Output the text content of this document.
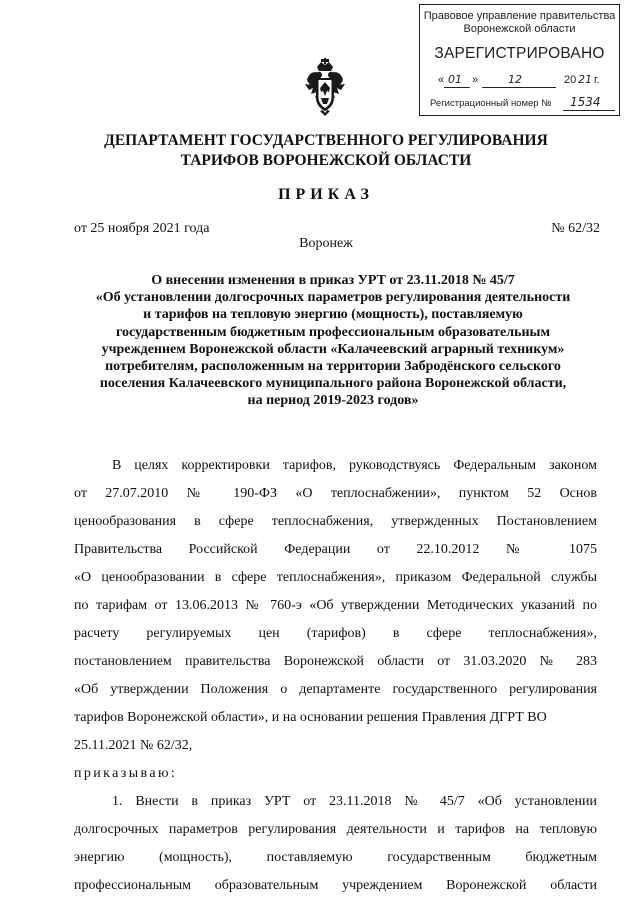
Правовое управление правительства
Воронежской области
ЗАРЕГИСТРИРОВАНО
« 01 »	12	20 21 г.
Регистрационный номер № 1534
ДЕПАРТАМЕНТ ГОСУДАРСТВЕННОГО РЕГУЛИРОВАНИЯ
ТАРИФОВ ВОРОНЕЖСКОЙ ОБЛАСТИ
ПРИКАЗ
от 25 ноября 2021 года	№ 62/32
Воронеж
О внесении изменения в приказ УРТ от 23.11.2018 № 45/7
«Об установлении долгосрочных параметров регулирования деятельности
и тарифов на тепловую энергию (мощность), поставляемую
государственным бюджетным профессиональным образовательным
учреждением Воронежской области «Калачеевский аграрный техникум»
потребителям, расположенным на территории Забродёнского сельского
поселения Калачеевского муниципального района Воронежской области,
на период 2019-2023 годов»
В целях корректировки тарифов, руководствуясь Федеральным законом
от 27.07.2010 № 190-ФЗ «О теплоснабжении», пунктом 52 Основ
ценообразования в сфере теплоснабжения, утвержденных Постановлением
Правительства Российской Федерации от 22.10.2012 № 1075
«О ценообразовании в сфере теплоснабжения», приказом Федеральной службы
по тарифам от 13.06.2013 № 760-э «Об утверждении Методических указаний по
расчету регулируемых цен (тарифов) в сфере теплоснабжения»,
постановлением правительства Воронежской области от 31.03.2020 № 283
«Об утверждении Положения о департаменте государственного регулирования
тарифов Воронежской области», и на основании решения Правления ДГРТ ВО
25.11.2021 № 62/32,
приказываю:
1. Внести в приказ УРТ от 23.11.2018 № 45/7 «Об установлении
долгосрочных параметров регулирования деятельности и тарифов на тепловую
энергию (мощность), поставляемую государственным бюджетным
профессиональным образовательным учреждением Воронежской области
